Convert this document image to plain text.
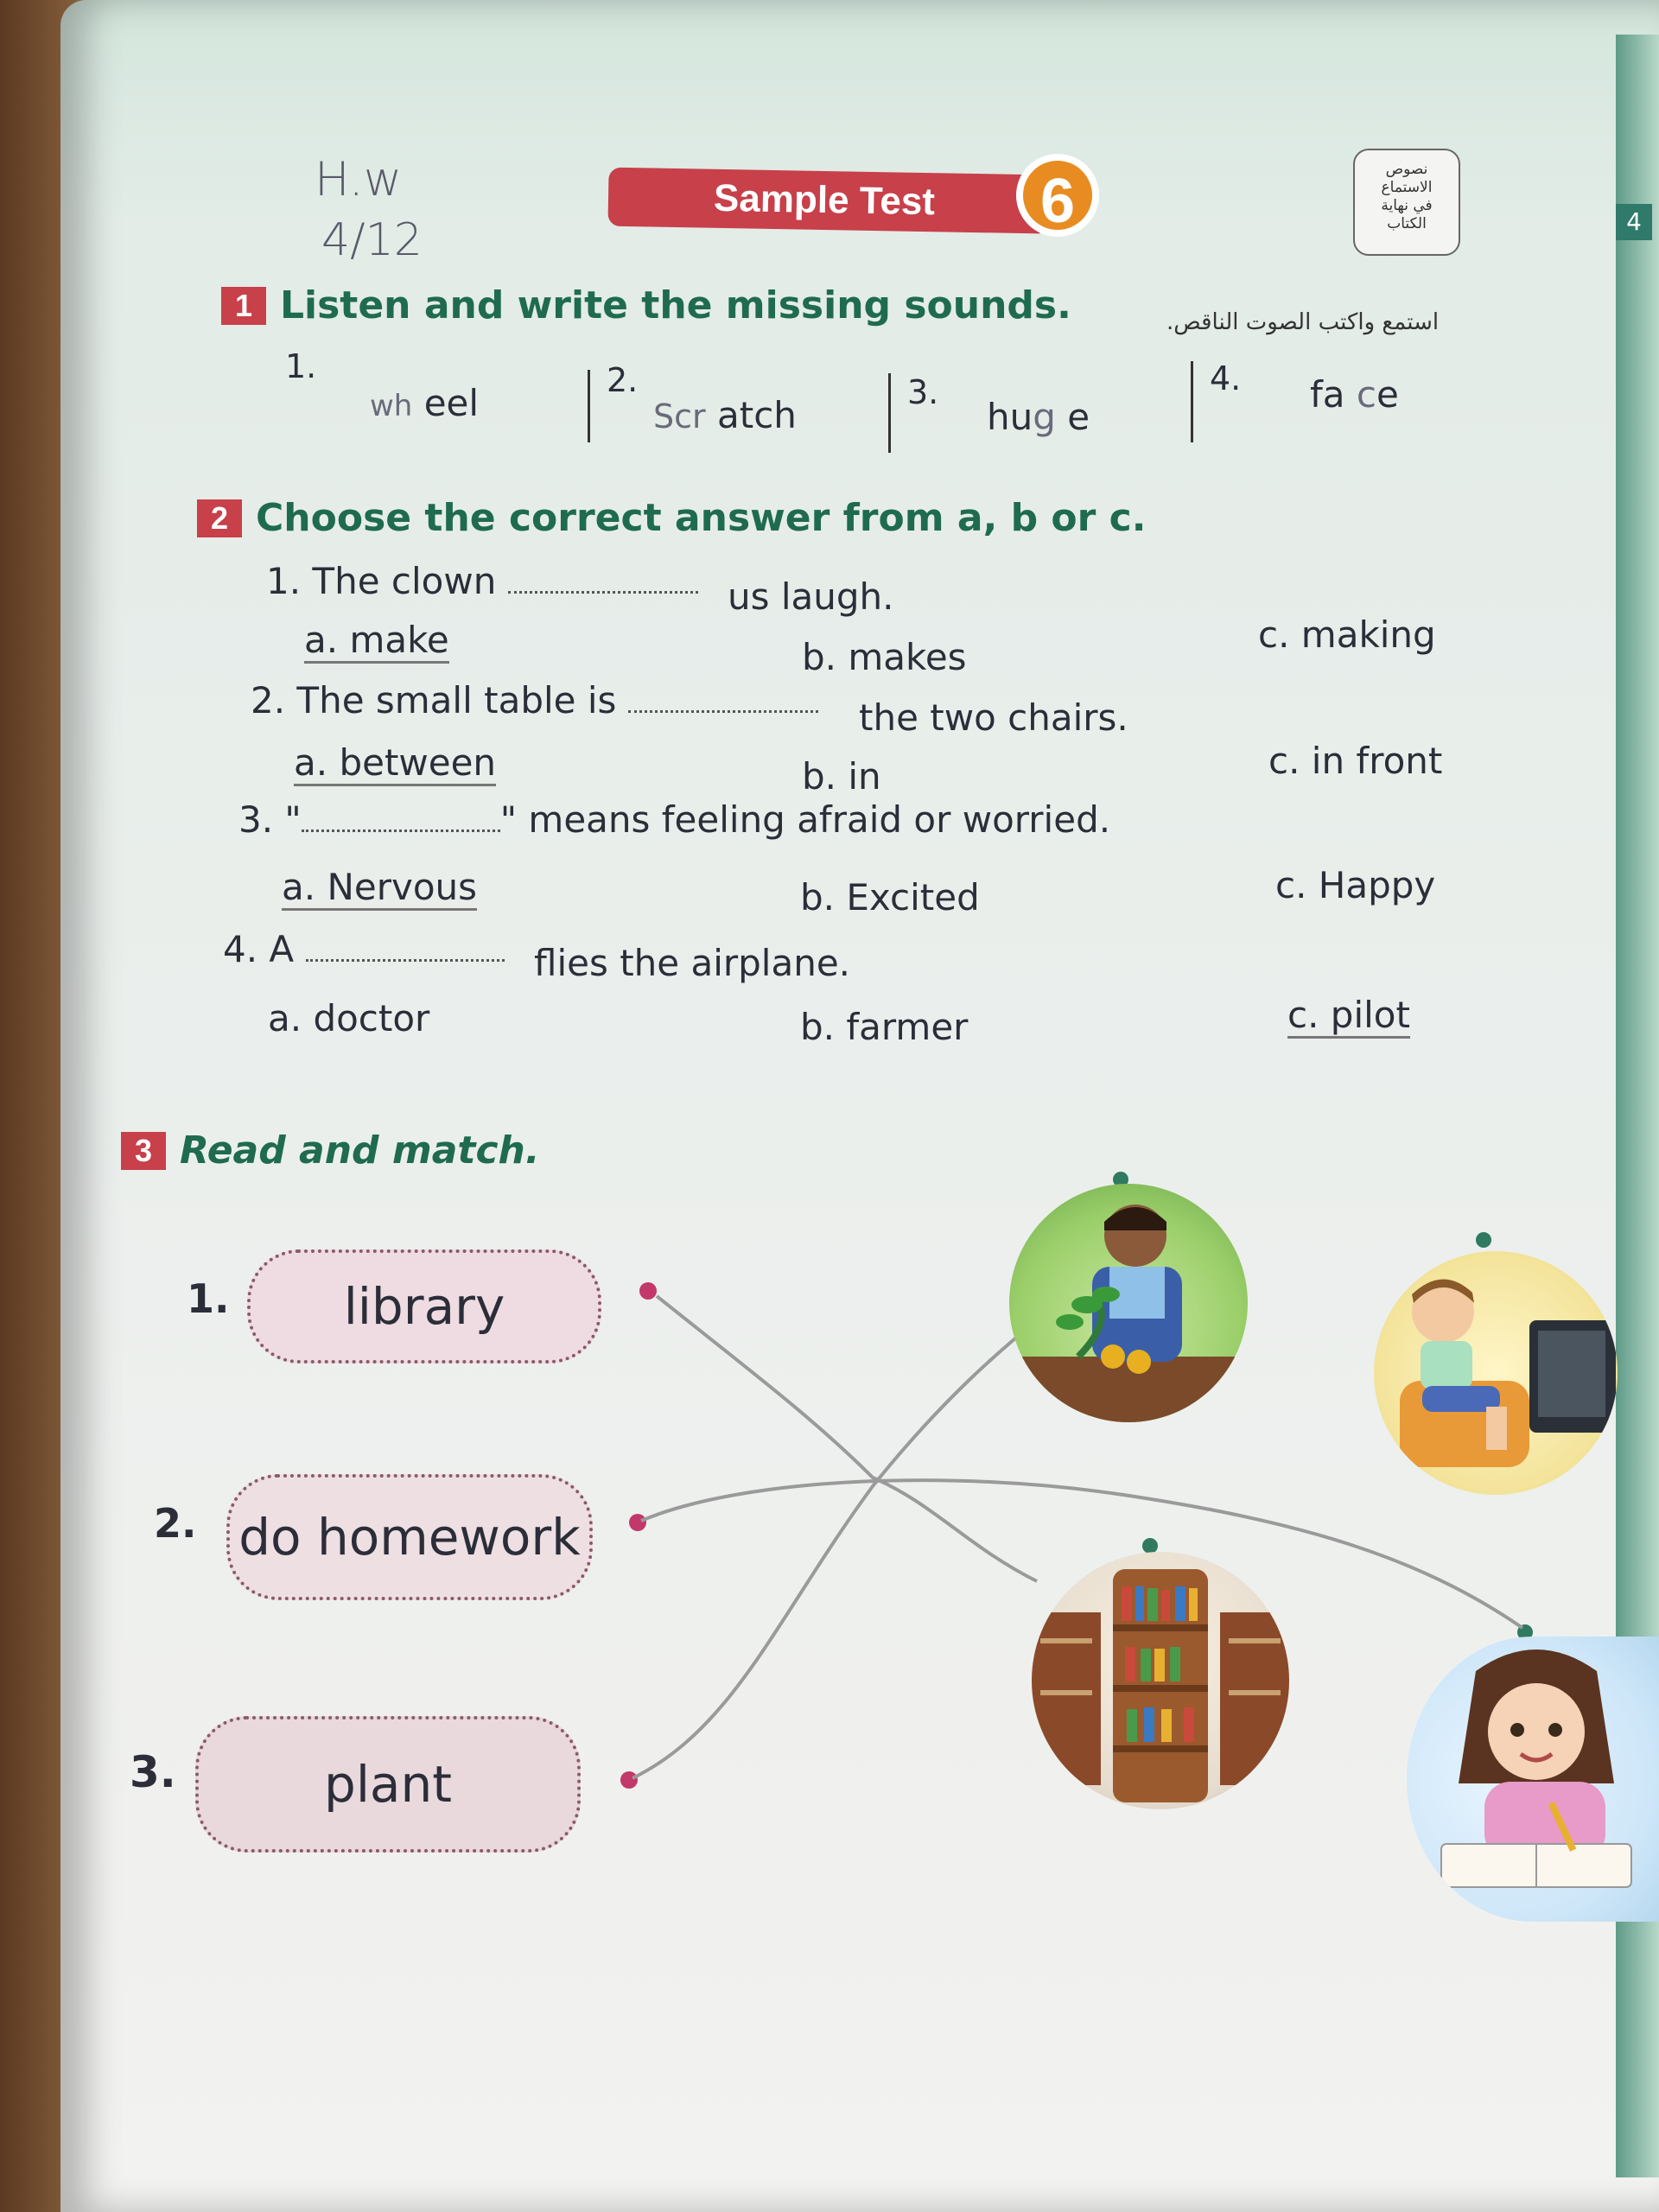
4
H.w
4/12
Sample Test	6	نصوص
الاستماع
في نهاية
الكتاب
1 Listen and write the missing sounds.	استمع واكتب الصوت الناقص.
1.
wh eel
2.
Scr atch
3.
hug e
4. fa ce
2 Choose the correct answer from a, b or c.
1. The clown	us laugh.
a. make	b. makes
c. making
2. The small table is	the two chairs.
a. between	b. in	c. in front
3. "	" means feeling afraid or worried.
a. Nervous	b. Excited	c. Happy
4. A	flies the airplane.
a. doctor	b. farmer	c. pilot
3 Read and match.
1. library
2. do homework
3.	plant
